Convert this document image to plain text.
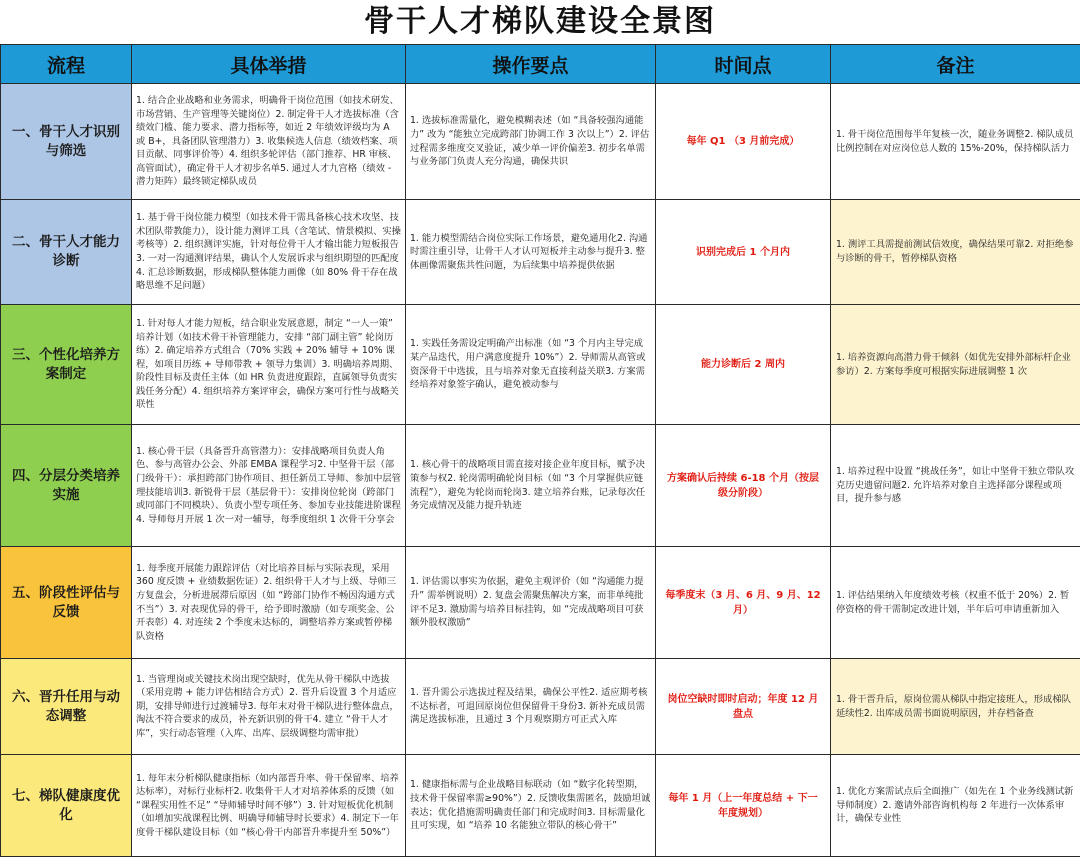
骨干人才梯队建设全景图
流程	具体举措	操作要点	时间点	备注
一、骨干人才识别与筛选	1. 结合企业战略和业务需求，明确骨干岗位范围（如技术研发、市场营销、生产管理等关键岗位）2. 制定骨干人才选拔标准（含绩效门槛、能力要求、潜力指标等，如近 2 年绩效评级均为 A 或 B+，具备团队管理潜力）3. 收集候选人信息（绩效档案、项目贡献、同事评价等）4. 组织多轮评估（部门推荐、HR 审核、高管面试），确定骨干人才初步名单5. 通过人才九宫格（绩效 - 潜力矩阵）最终锁定梯队成员	1. 选拔标准需量化，避免模糊表述（如 “具备较强沟通能力” 改为 “能独立完成跨部门协调工作 3 次以上”）2. 评估过程需多维度交叉验证，减少单一评价偏差3. 初步名单需与业务部门负责人充分沟通，确保共识	每年 Q1 （3 月前完成）	1. 骨干岗位范围每半年复核一次，随业务调整2. 梯队成员比例控制在对应岗位总人数的 15%-20%，保持梯队活力
二、骨干人才能力诊断	1. 基于骨干岗位能力模型（如技术骨干需具备核心技术攻坚、技术团队带教能力），设计能力测评工具（含笔试、情景模拟、实操考核等）2. 组织测评实施，针对每位骨干人才输出能力短板报告3. 一对一沟通测评结果，确认个人发展诉求与组织期望的匹配度4. 汇总诊断数据，形成梯队整体能力画像（如 80% 骨干存在战略思维不足问题）	1. 能力模型需结合岗位实际工作场景，避免通用化2. 沟通时需注重引导，让骨干人才认可短板并主动参与提升3. 整体画像需聚焦共性问题，为后续集中培养提供依据	识别完成后 1 个月内	1. 测评工具需提前测试信效度，确保结果可靠2. 对拒绝参与诊断的骨干，暂停梯队资格
三、个性化培养方案制定	1. 针对每人才能力短板，结合职业发展意愿，制定 “一人一策” 培养计划（如技术骨干补管理能力，安排 “部门副主管” 轮岗历练）2. 确定培养方式组合（70% 实践 + 20% 辅导 + 10% 课程，如项目历练 + 导师带教 + 领导力集训）3. 明确培养周期、阶段性目标及责任主体（如 HR 负责进度跟踪，直属领导负责实践任务分配）4. 组织培养方案评审会，确保方案可行性与战略关联性	1. 实践任务需设定明确产出标准（如 “3 个月内主导完成某产品迭代，用户满意度提升 10%”）2. 导师需从高管或资深骨干中选拔，且与培养对象无直接利益关联3. 方案需经培养对象签字确认，避免被动参与	能力诊断后 2 周内	1. 培养资源向高潜力骨干倾斜（如优先安排外部标杆企业参访）2. 方案每季度可根据实际进展调整 1 次
四、分层分类培养实施	1. 核心骨干层（具备晋升高管潜力）：安排战略项目负责人角色、参与高管办公会、外部 EMBA 课程学习2. 中坚骨干层（部门级骨干）：承担跨部门协作项目、担任新员工导师、参加中层管理技能培训3. 新锐骨干层（基层骨干）：安排岗位轮岗（跨部门或同部门不同模块）、负责小型专项任务、参加专业技能进阶课程4. 导师每月开展 1 次一对一辅导，每季度组织 1 次骨干分享会	1. 核心骨干的战略项目需直接对接企业年度目标，赋予决策参与权2. 轮岗需明确轮岗目标（如 “3 个月掌握供应链流程”），避免为轮岗而轮岗3. 建立培养台账，记录每次任务完成情况及能力提升轨迹	方案确认后持续 6-18 个月（按层级分阶段）	1. 培养过程中设置 “挑战任务”，如让中坚骨干独立带队攻克历史遗留问题2. 允许培养对象自主选择部分课程或项目，提升参与感
五、阶段性评估与反馈	1. 每季度开展能力跟踪评估（对比培养目标与实际表现，采用 360 度反馈 + 业绩数据佐证）2. 组织骨干人才与上级、导师三方复盘会，分析进展滞后原因（如 “跨部门协作不畅因沟通方式不当”）3. 对表现优异的骨干，给予即时激励（如专项奖金、公开表彰）4. 对连续 2 个季度未达标的，调整培养方案或暂停梯队资格	1. 评估需以事实为依据，避免主观评价（如 “沟通能力提升” 需举例说明）2. 复盘会需聚焦解决方案，而非单纯批评不足3. 激励需与培养目标挂钩，如 “完成战略项目可获额外股权激励”	每季度末（3 月、6 月、9 月、12 月）	1. 评估结果纳入年度绩效考核（权重不低于 20%）2. 暂停资格的骨干需制定改进计划，半年后可申请重新加入
六、晋升任用与动态调整	1. 当管理岗或关键技术岗出现空缺时，优先从骨干梯队中选拔（采用竞聘 + 能力评估相结合方式）2. 晋升后设置 3 个月适应期，安排导师进行过渡辅导3. 每年末对骨干梯队进行整体盘点，淘汰不符合要求的成员，补充新识别的骨干4. 建立 “骨干人才库”，实行动态管理（入库、出库、层级调整均需审批）	1. 晋升需公示选拔过程及结果，确保公平性2. 适应期考核不达标者，可退回原岗位但保留骨干身份3. 新补充成员需满足选拔标准，且通过 3 个月观察期方可正式入库	岗位空缺时即时启动；年度 12 月盘点	1. 骨干晋升后，原岗位需从梯队中指定接班人，形成梯队延续性2. 出库成员需书面说明原因，并存档备查
七、梯队健康度优化	1. 每年末分析梯队健康指标（如内部晋升率、骨干保留率、培养达标率），对标行业标杆2. 收集骨干人才对培养体系的反馈（如 “课程实用性不足” “导师辅导时间不够”）3. 针对短板优化机制（如增加实战课程比例、明确导师辅导时长要求）4. 制定下一年度骨干梯队建设目标（如 “核心骨干内部晋升率提升至 50%”）	1. 健康指标需与企业战略目标联动（如 “数字化转型期，技术骨干保留率需≥90%”）2. 反馈收集需匿名，鼓励坦诚表达；优化措施需明确责任部门和完成时间3. 目标需量化且可实现，如 “培养 10 名能独立带队的核心骨干”	每年 1 月（上一年度总结 + 下一年度规划）	1. 优化方案需试点后全面推广（如先在 1 个业务线测试新导师制度）2. 邀请外部咨询机构每 2 年进行一次体系审计，确保专业性
